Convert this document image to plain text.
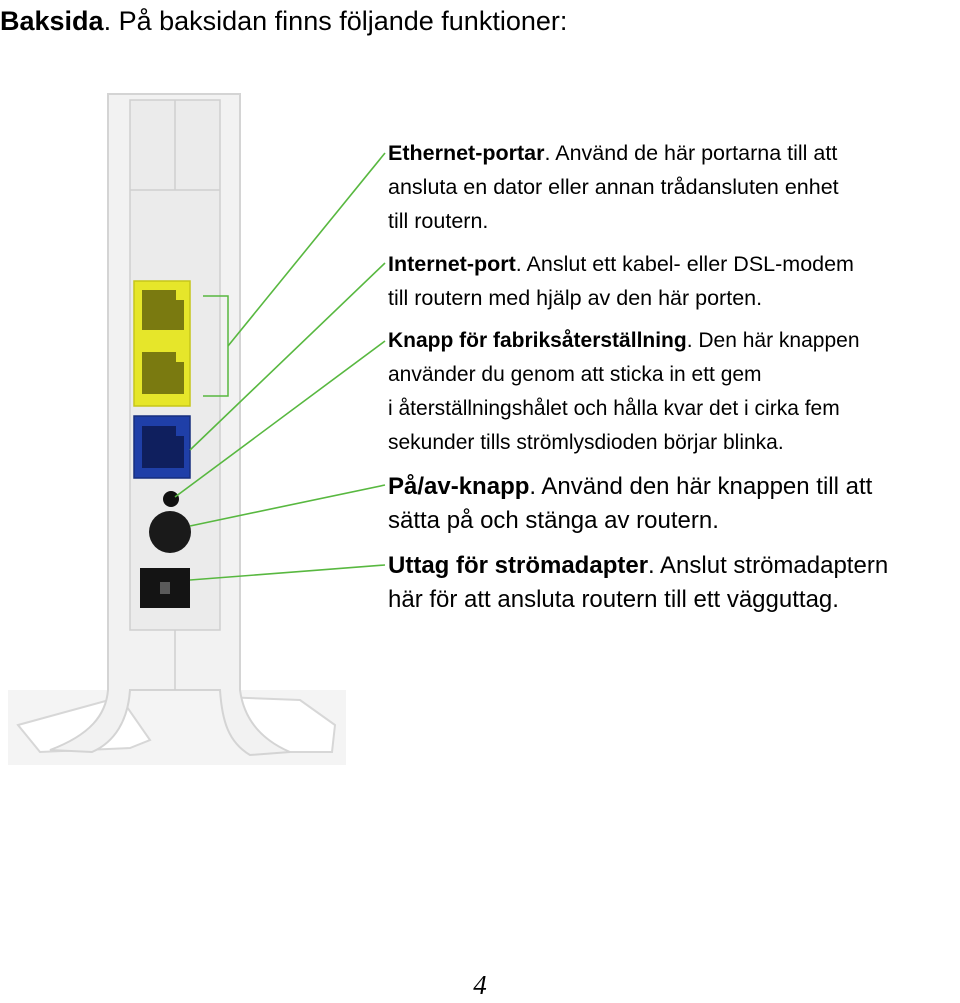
Baksida. På baksidan finns följande funktioner:

Ethernet-portar. Använd de här portarna till att
ansluta en dator eller annan trådansluten enhet
till routern.

Internet-port. Anslut ett kabel- eller DSL-modem
till routern med hjälp av den här porten.

Knapp för fabriksåterställning. Den här knappen
använder du genom att sticka in ett gem
i återställningshålet och hålla kvar det i cirka fem
sekunder tills strömlysdioden börjar blinka.

På/av-knapp. Använd den här knappen till att
sätta på och stänga av routern.

Uttag för strömadapter. Anslut strömadaptern
här för att ansluta routern till ett vägguttag.

4
